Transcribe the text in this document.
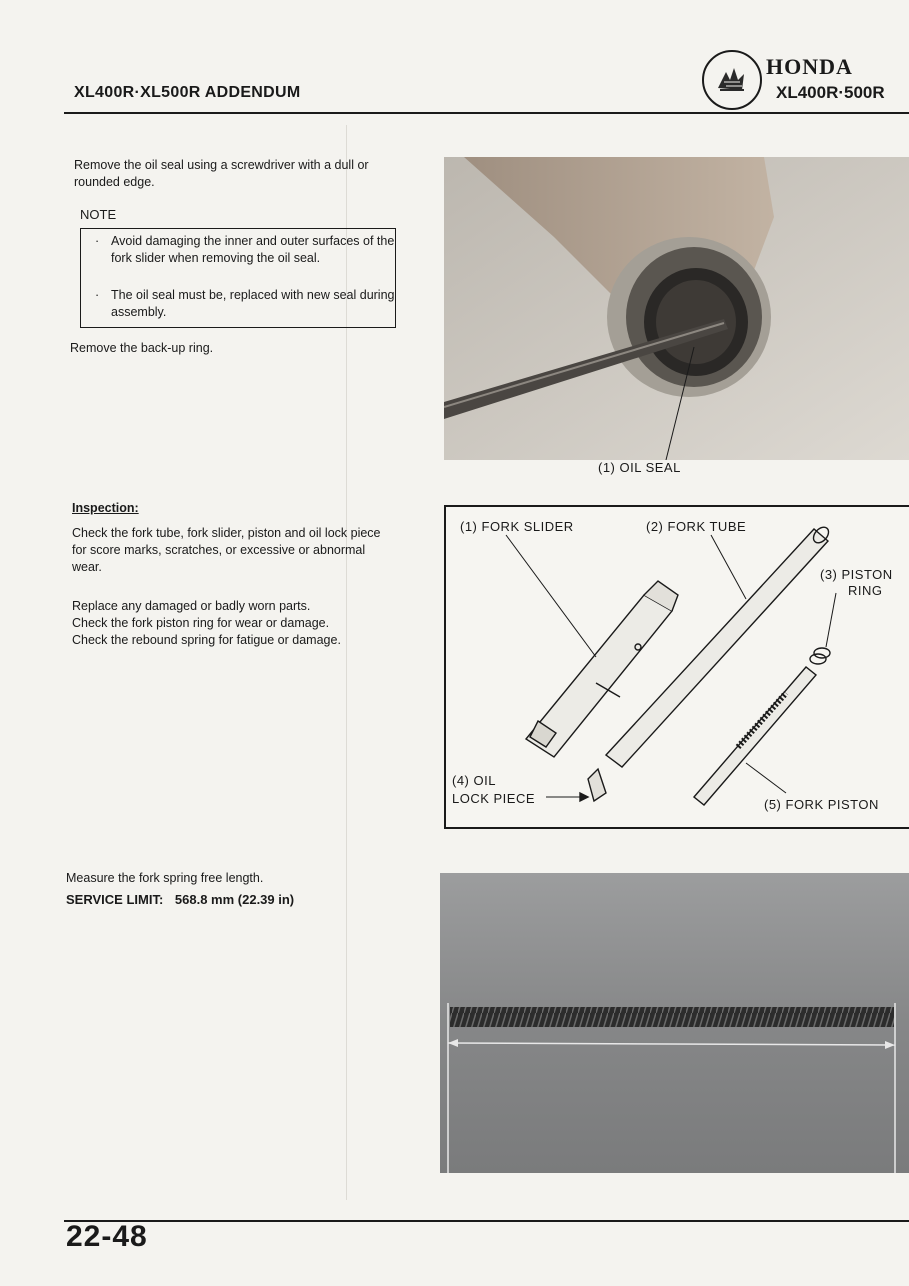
XL400R·XL500R ADDENDUM
HONDA
XL400R·500R
Remove the oil seal using a screwdriver with a dull or rounded edge.
NOTE
· Avoid damaging the inner and outer surfaces of the fork slider when removing the oil seal.
· The oil seal must be, replaced with new seal during assembly.
Remove the back-up ring.
Inspection:
Check the fork tube, fork slider, piston and oil lock piece for score marks, scratches, or excessive or abnormal wear.
Replace any damaged or badly worn parts.
Check the fork piston ring for wear or damage.
Check the rebound spring for fatigue or damage.
Measure the fork spring free length.
SERVICE LIMIT: 568.8 mm (22.39 in)
(1) OIL SEAL
(1) FORK SLIDER	(2) FORK TUBE
(3) PISTON
RING
(4) OIL
LOCK PIECE	(5) FORK PISTON
22-48
